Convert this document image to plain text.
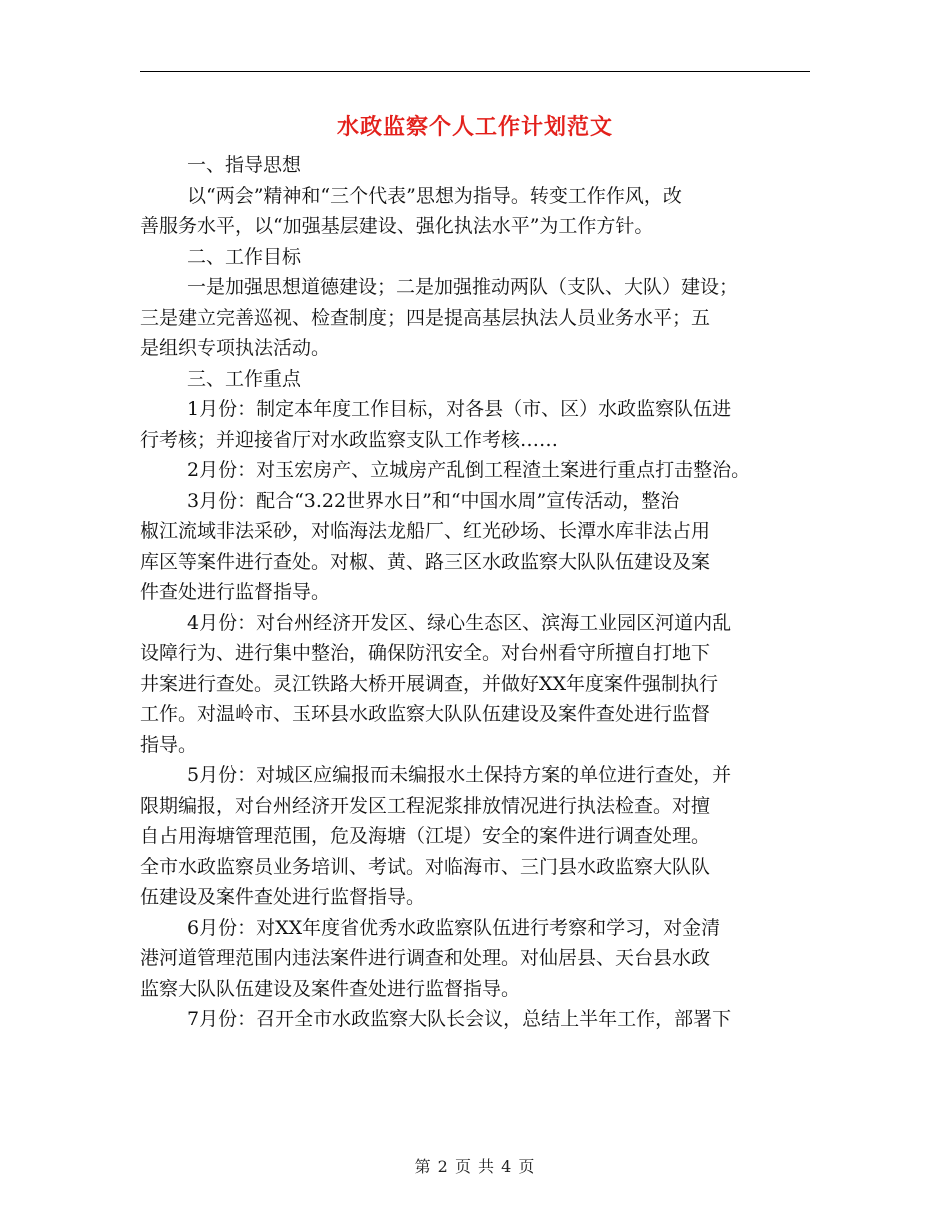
水政监察个人工作计划范文
一、指导思想
以“两会”精神和“三个代表”思想为指导。转变工作作风，改
善服务水平，以“加强基层建设、强化执法水平”为工作方针。
二、工作目标
一是加强思想道德建设；二是加强推动两队（支队、大队）建设；
三是建立完善巡视、检查制度；四是提高基层执法人员业务水平；五
是组织专项执法活动。
三、工作重点
1月份：制定本年度工作目标，对各县（市、区）水政监察队伍进
行考核；并迎接省厅对水政监察支队工作考核……
2月份：对玉宏房产、立城房产乱倒工程渣土案进行重点打击整治。
3月份：配合“3.22世界水日”和“中国水周”宣传活动，整治
椒江流域非法采砂，对临海法龙船厂、红光砂场、长潭水库非法占用
库区等案件进行查处。对椒、黄、路三区水政监察大队队伍建设及案
件查处进行监督指导。
4月份：对台州经济开发区、绿心生态区、滨海工业园区河道内乱
设障行为、进行集中整治，确保防汛安全。对台州看守所擅自打地下
井案进行查处。灵江铁路大桥开展调查，并做好XX年度案件强制执行
工作。对温岭市、玉环县水政监察大队队伍建设及案件查处进行监督
指导。
5月份：对城区应编报而未编报水土保持方案的单位进行查处，并
限期编报，对台州经济开发区工程泥浆排放情况进行执法检查。对擅
自占用海塘管理范围，危及海塘（江堤）安全的案件进行调查处理。
全市水政监察员业务培训、考试。对临海市、三门县水政监察大队队
伍建设及案件查处进行监督指导。
6月份：对XX年度省优秀水政监察队伍进行考察和学习，对金清
港河道管理范围内违法案件进行调查和处理。对仙居县、天台县水政
监察大队队伍建设及案件查处进行监督指导。
7月份：召开全市水政监察大队长会议，总结上半年工作，部署下
第 2 页 共 4 页
